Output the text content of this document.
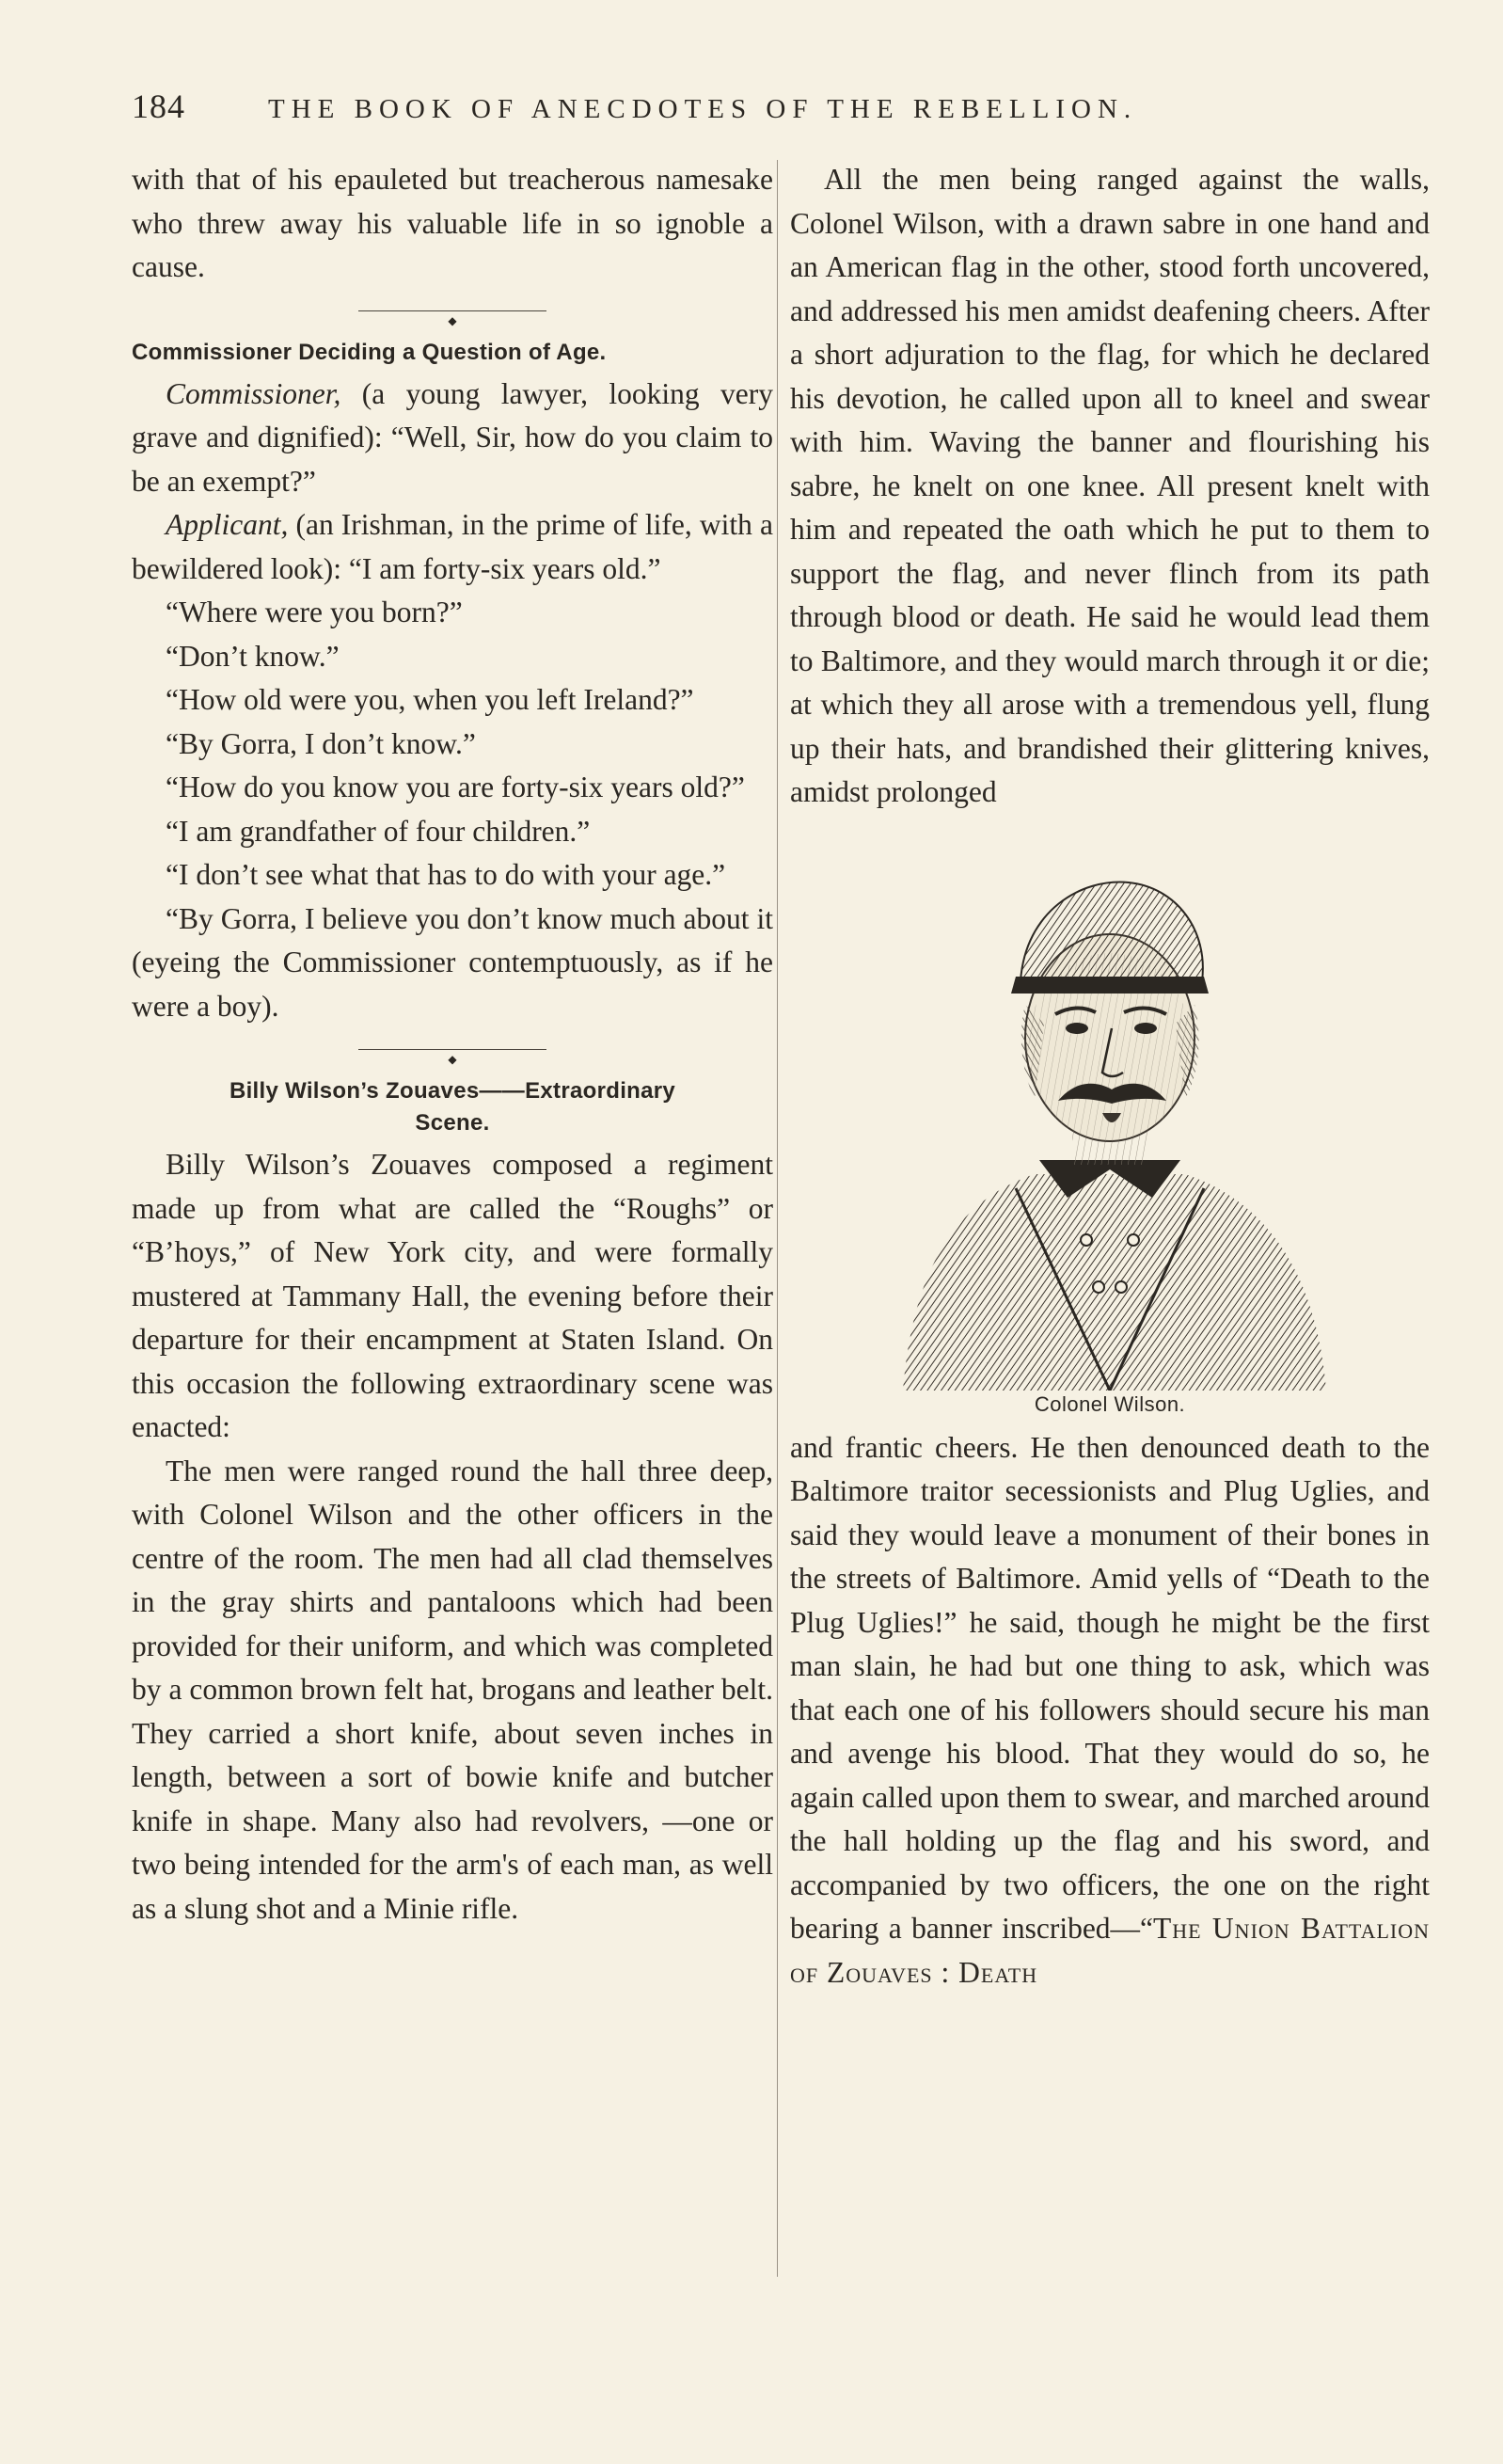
184	THE BOOK OF ANECDOTES OF THE REBELLION.

with that of his epauleted but treacherous namesake who threw away his valuable life in so ignoble a cause.

◆
Commissioner Deciding a Question of Age.

Commissioner, (a young lawyer, looking very grave and dignified): “Well, Sir, how do you claim to be an exempt?”

Applicant, (an Irishman, in the prime of life, with a bewildered look): “I am forty-six years old.”

“Where were you born?”

“Don’t know.”

“How old were you, when you left Ireland?”

“By Gorra, I don’t know.”

“How do you know you are forty-six years old?”

“I am grandfather of four children.”

“I don’t see what that has to do with your age.”

“By Gorra, I believe you don’t know much about it (eyeing the Commissioner contemptuously, as if he were a boy).

◆
Billy Wilson’s Zouaves——Extraordinary
Scene.

Billy Wilson’s Zouaves composed a regiment made up from what are called the “Roughs” or “B’hoys,” of New York city, and were formally mustered at Tammany Hall, the evening before their departure for their encampment at Staten Island. On this occasion the following extraordinary scene was enacted:

The men were ranged round the hall three deep, with Colonel Wilson and the other officers in the centre of the room. The men had all clad themselves in the gray shirts and pantaloons which had been provided for their uniform, and which was completed by a common brown felt hat, brogans and leather belt. They carried a short knife, about seven inches in length, between a sort of bowie knife and butcher knife in shape. Many also had revolvers, —one or two being intended for the arm's of each man, as well as a slung shot and a Minie rifle.

All the men being ranged against the walls, Colonel Wilson, with a drawn sabre in one hand and an American flag in the other, stood forth uncovered, and addressed his men amidst deafening cheers. After a short adjuration to the flag, for which he declared his devotion, he called upon all to kneel and swear with him. Waving the banner and flourishing his sabre, he knelt on one knee. All present knelt with him and repeated the oath which he put to them to support the flag, and never flinch from its path through blood or death. He said he would lead them to Baltimore, and they would march through it or die; at which they all arose with a tremendous yell, flung up their hats, and brandished their glittering knives, amidst prolonged

Colonel Wilson.

and frantic cheers. He then denounced death to the Baltimore traitor secessionists and Plug Uglies, and said they would leave a monument of their bones in the streets of Baltimore. Amid yells of “Death to the Plug Uglies!” he said, though he might be the first man slain, he had but one thing to ask, which was that each one of his followers should secure his man and avenge his blood. That they would do so, he again called upon them to swear, and marched around the hall holding up the flag and his sword, and accompanied by two officers, the one on the right bearing a banner inscribed—“The Union Battalion of Zouaves : Death
